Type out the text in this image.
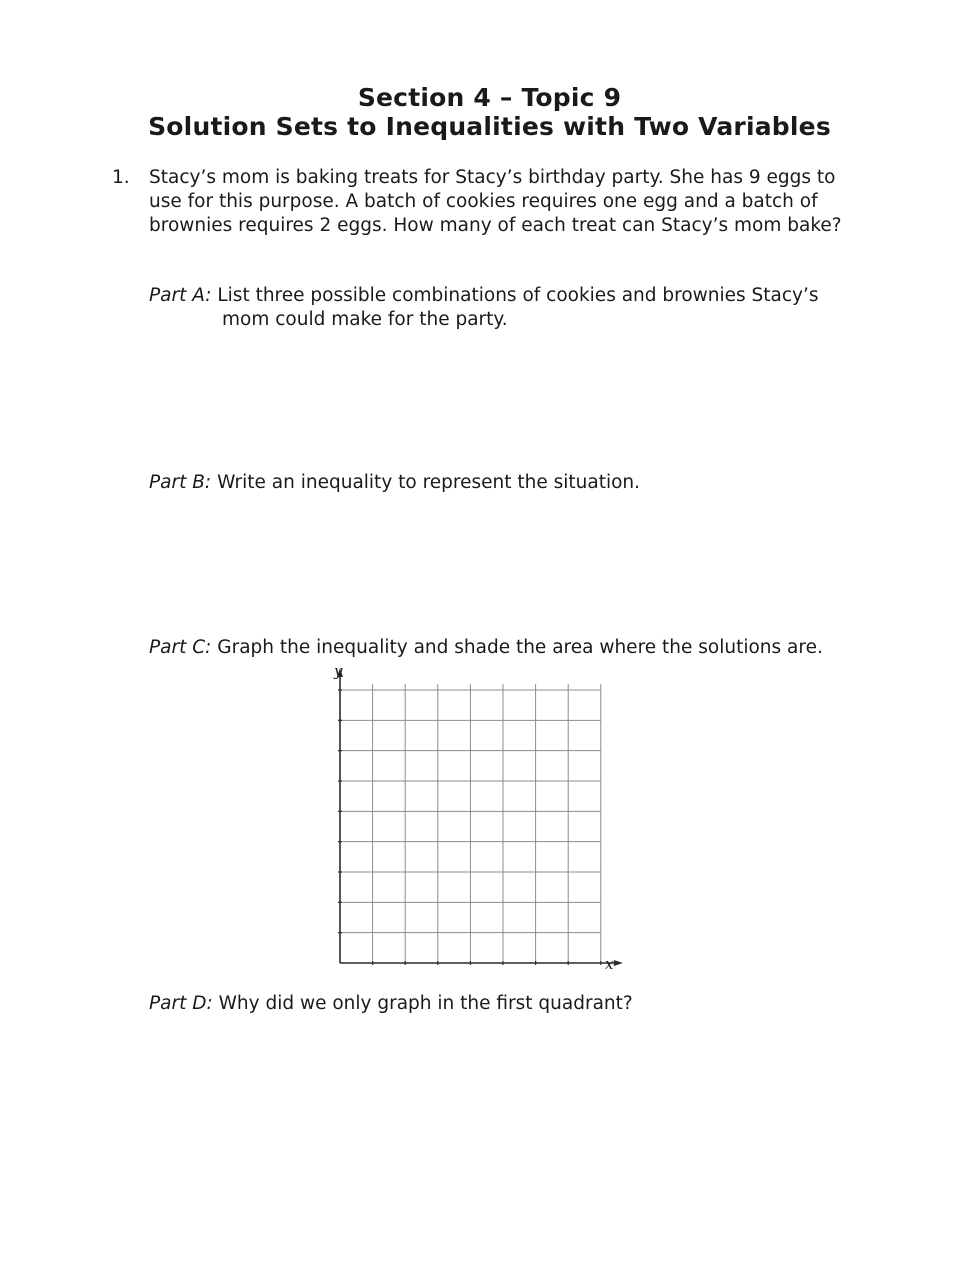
Section 4 – Topic 9
Solution Sets to Inequalities with Two Variables
1. Stacy’s mom is baking treats for Stacy’s birthday party. She has 9 eggs to use for this purpose. A batch of cookies requires one egg and a batch of brownies requires 2 eggs. How many of each treat can Stacy’s mom bake?

Part A: List three possible combinations of cookies and brownies Stacy’s

mom could make for the party.

Part B: Write an inequality to represent the situation.

Part C: Graph the inequality and shade the area where the solutions are.

y
x

Part D: Why did we only graph in the first quadrant?
